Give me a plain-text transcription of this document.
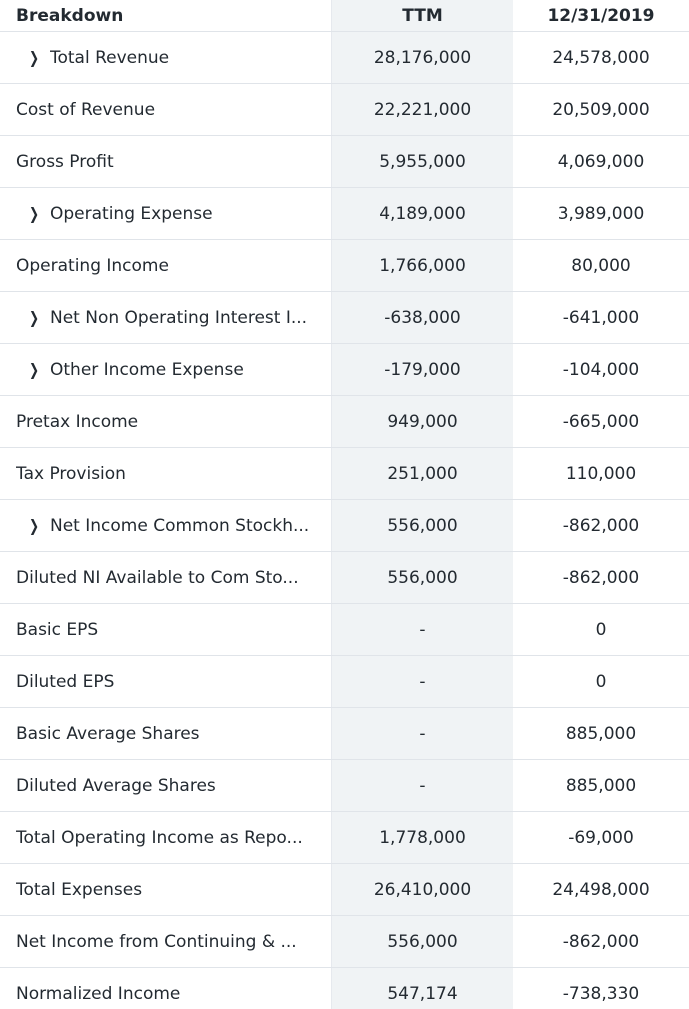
Breakdown	TTM	12/31/2019
❯ Total Revenue	28,176,000	24,578,000
Cost of Revenue	22,221,000	20,509,000
Gross Profit	5,955,000	4,069,000
❯ Operating Expense	4,189,000	3,989,000
Operating Income	1,766,000	80,000
❯ Net Non Operating Interest I...	-638,000	-641,000
❯ Other Income Expense	-179,000	-104,000
Pretax Income	949,000	-665,000
Tax Provision	251,000	110,000
❯ Net Income Common Stockh...	556,000	-862,000
Diluted NI Available to Com Sto...	556,000	-862,000
Basic EPS	-	0
Diluted EPS	-	0
Basic Average Shares	-	885,000
Diluted Average Shares	-	885,000
Total Operating Income as Repo...	1,778,000	-69,000
Total Expenses	26,410,000	24,498,000
Net Income from Continuing & ...	556,000	-862,000
Normalized Income	547,174	-738,330
